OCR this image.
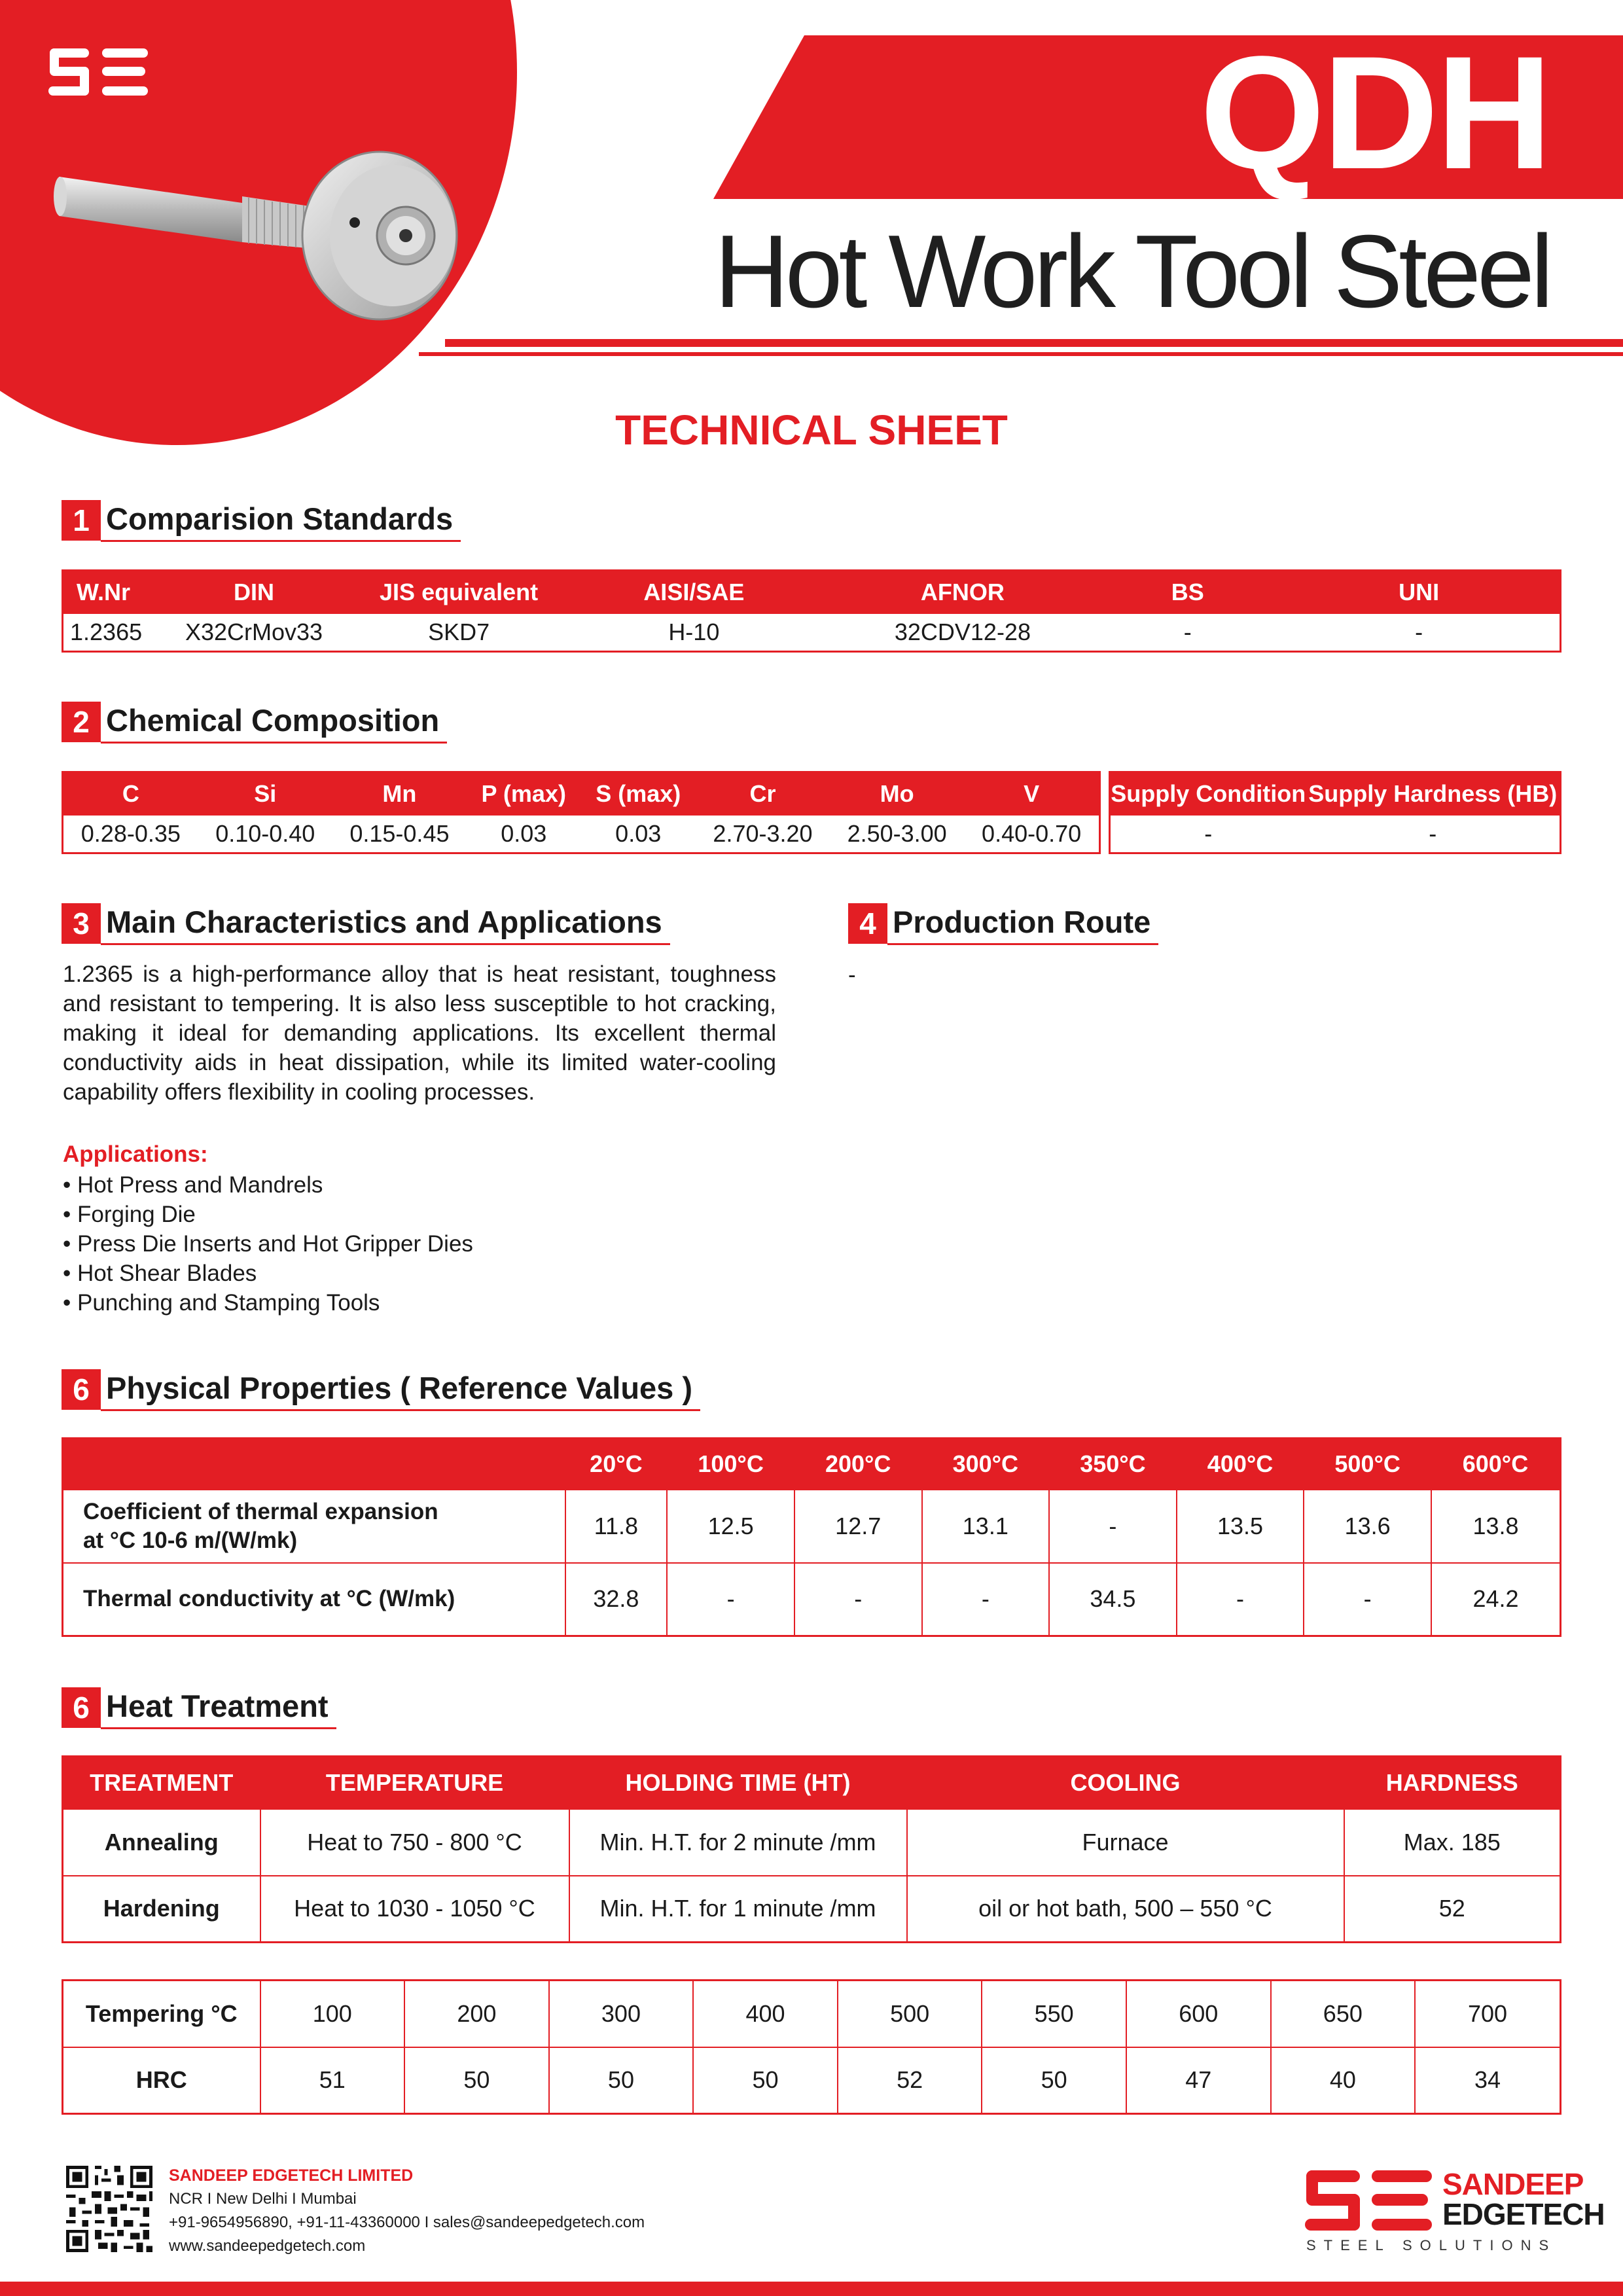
QDH
Hot Work Tool Steel
TECHNICAL SHEET
1 Comparision Standards
W.Nr	DIN	JIS equivalent	AISI/SAE	AFNOR	BS	UNI
1.2365	X32CrMov33	SKD7	H-10	32CDV12-28	-	-
2 Chemical Composition
C	Si	Mn	P (max)	S (max)	Cr	Mo	V
0.28-0.35	0.10-0.40	0.15-0.45	0.03	0.03	2.70-3.20	2.50-3.00	0.40-0.70
Supply Condition	Supply Hardness (HB)
-	-
3 Main Characteristics and Applications	4 Production Route

1.2365 is a high-performance alloy that is heat resistant, toughness and resistant to tempering. It is also less susceptible to hot cracking, making it ideal for demanding applications. Its excellent thermal conductivity aids in heat dissipation, while its limited water-cooling capability offers flexibility in cooling processes.

Applications:
• Hot Press and Mandrels
• Forging Die
• Press Die Inserts and Hot Gripper Dies
• Hot Shear Blades
• Punching and Stamping Tools
-
6 Physical Properties ( Reference Values )
	20°C	100°C	200°C	300°C	350°C	400°C	500°C	600°C

Coefficient of thermal expansion
at °C 10-6 m/(W/mk)	11.8	12.5	12.7	13.1	-	13.5	13.6	13.8

Thermal conductivity at °C (W/mk)	32.8	-	-	-	34.5	-	-	24.2
6 Heat Treatment
TREATMENT	TEMPERATURE	HOLDING TIME (HT)	COOLING	HARDNESS
Annealing	Heat to 750 - 800 °C	Min. H.T. for 2 minute /mm	Furnace	Max. 185
Hardening	Heat to 1030 - 1050 °C	Min. H.T. for 1 minute /mm	oil or hot bath, 500 – 550 °C	52
Tempering °C	100	200	300	400	500	550	600	650	700
HRC	51	50	50	50	52	50	47	40	34
SANDEEP EDGETECH LIMITED
NCR I New Delhi I Mumbai
+91-9654956890, +91-11-43360000 I sales@sandeepedgetech.com
www.sandeepedgetech.com
SANDEEP
EDGETECH
STEEL SOLUTIONS
